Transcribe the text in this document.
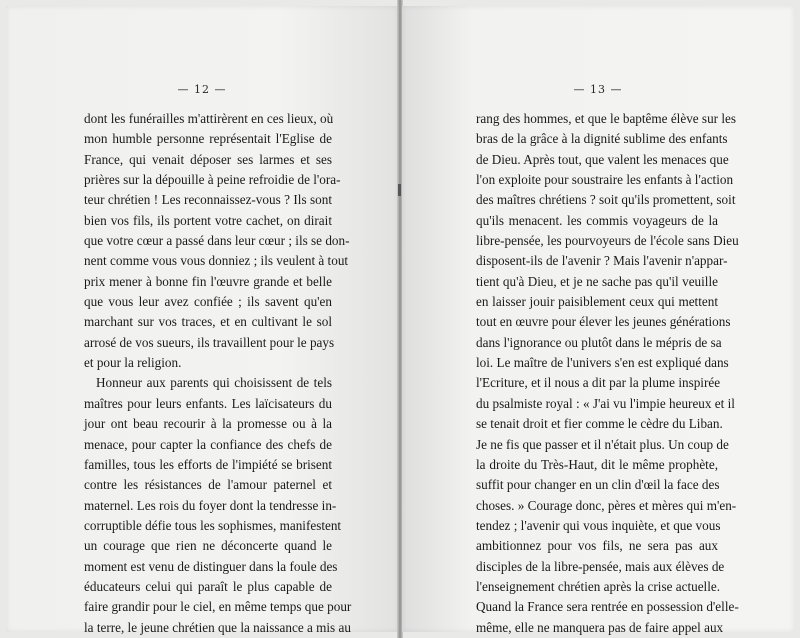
— 12 —
dont les funérailles m'attirèrent en ces lieux, où
mon humble personne représentait l'Eglise de
France, qui venait déposer ses larmes et ses
prières sur la dépouille à peine refroidie de l'ora-
teur chrétien ! Les reconnaissez-vous ? Ils sont
bien vos fils, ils portent votre cachet, on dirait
que votre cœur a passé dans leur cœur ; ils se don-
nent comme vous vous donniez ; ils veulent à tout
prix mener à bonne fin l'œuvre grande et belle
que vous leur avez confiée ; ils savent qu'en
marchant sur vos traces, et en cultivant le sol
arrosé de vos sueurs, ils travaillent pour le pays
et pour la religion.
Honneur aux parents qui choisissent de tels
maîtres pour leurs enfants. Les laïcisateurs du
jour ont beau recourir à la promesse ou à la
menace, pour capter la confiance des chefs de
familles, tous les efforts de l'impiété se brisent
contre les résistances de l'amour paternel et
maternel. Les rois du foyer dont la tendresse in-
corruptible défie tous les sophismes, manifestent
un courage que rien ne déconcerte quand le
moment est venu de distinguer dans la foule des
éducateurs celui qui paraît le plus capable de
faire grandir pour le ciel, en même temps que pour
la terre, le jeune chrétien que la naissance a mis au
— 13 —
rang des hommes, et que le baptême élève sur les
bras de la grâce à la dignité sublime des enfants
de Dieu. Après tout, que valent les menaces que
l'on exploite pour soustraire les enfants à l'action
des maîtres chrétiens ? soit qu'ils promettent, soit
qu'ils menacent. les commis voyageurs de la
libre-pensée, les pourvoyeurs de l'école sans Dieu
disposent-ils de l'avenir ? Mais l'avenir n'appar-
tient qu'à Dieu, et je ne sache pas qu'il veuille
en laisser jouir paisiblement ceux qui mettent
tout en œuvre pour élever les jeunes générations
dans l'ignorance ou plutôt dans le mépris de sa
loi. Le maître de l'univers s'en est expliqué dans
l'Ecriture, et il nous a dit par la plume inspirée
du psalmiste royal : « J'ai vu l'impie heureux et il
se tenait droit et fier comme le cèdre du Liban.
Je ne fis que passer et il n'était plus. Un coup de
la droite du Très-Haut, dit le même prophète,
suffit pour changer en un clin d'œil la face des
choses. » Courage donc, pères et mères qui m'en-
tendez ; l'avenir qui vous inquiète, et que vous
ambitionnez pour vos fils, ne sera pas aux
disciples de la libre-pensée, mais aux élèves de
l'enseignement chrétien après la crise actuelle.
Quand la France sera rentrée en possession d'elle-
même, elle ne manquera pas de faire appel aux
